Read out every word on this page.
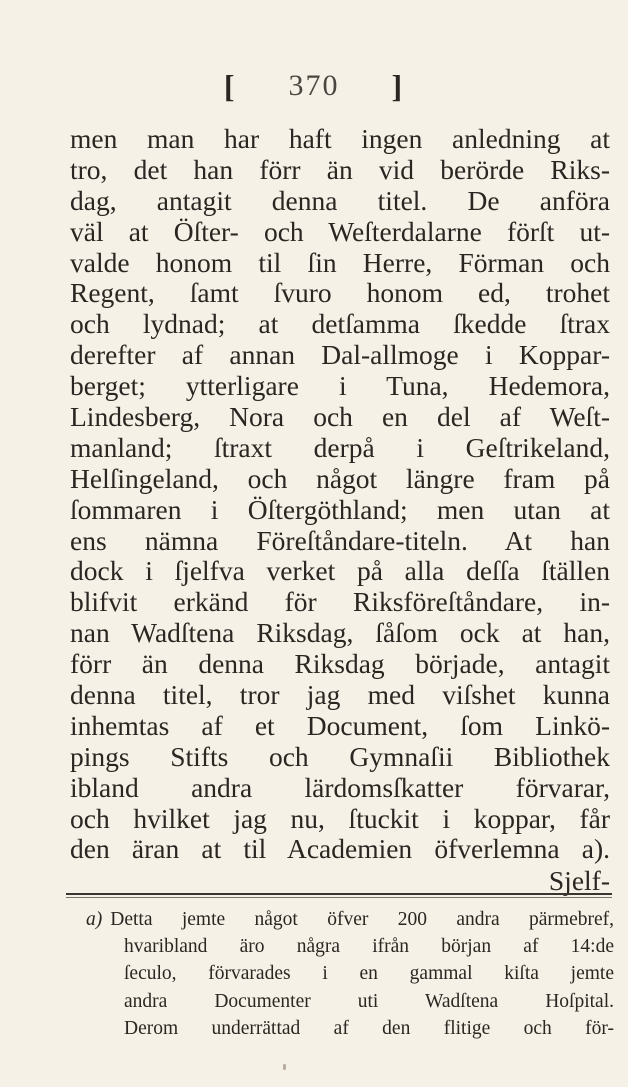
[ 370 ]
men man har haft ingen anledning at
tro, det han förr än vid berörde Riks-
dag, antagit denna titel. De anföra
väl at Öſter- och Weſterdalarne förſt ut-
valde honom til ſin Herre, Förman och
Regent, ſamt ſvuro honom ed, trohet
och lydnad; at detſamma ſkedde ſtrax
derefter af annan Dal-allmoge i Koppar-
berget; ytterligare i Tuna, Hedemora,
Lindesberg, Nora och en del af Weſt-
manland; ſtraxt derpå i Geſtrikeland,
Helſingeland, och något längre fram på
ſommaren i Öſtergöthland; men utan at
ens nämna Föreſtåndare-titeln. At han
dock i ſjelfva verket på alla deſſa ſtällen
blifvit erkänd för Riksföreſtåndare, in-
nan Wadſtena Riksdag, ſåſom ock at han,
förr än denna Riksdag började, antagit
denna titel, tror jag med viſshet kunna
inhemtas af et Document, ſom Linkö-
pings Stifts och Gymnaſii Bibliothek
ibland andra lärdomsſkatter förvarar,
och hvilket jag nu, ſtuckit i koppar, får
den äran at til Academien öfverlemna a).
Sjelf-
a) Detta jemte något öfver 200 andra pärmebref,
hvaribland äro några ifrån början af 14:de
ſeculo, förvarades i en gammal kiſta jemte
andra Documenter uti Wadſtena Hoſpital.
Derom underrättad af den flitige och för-
